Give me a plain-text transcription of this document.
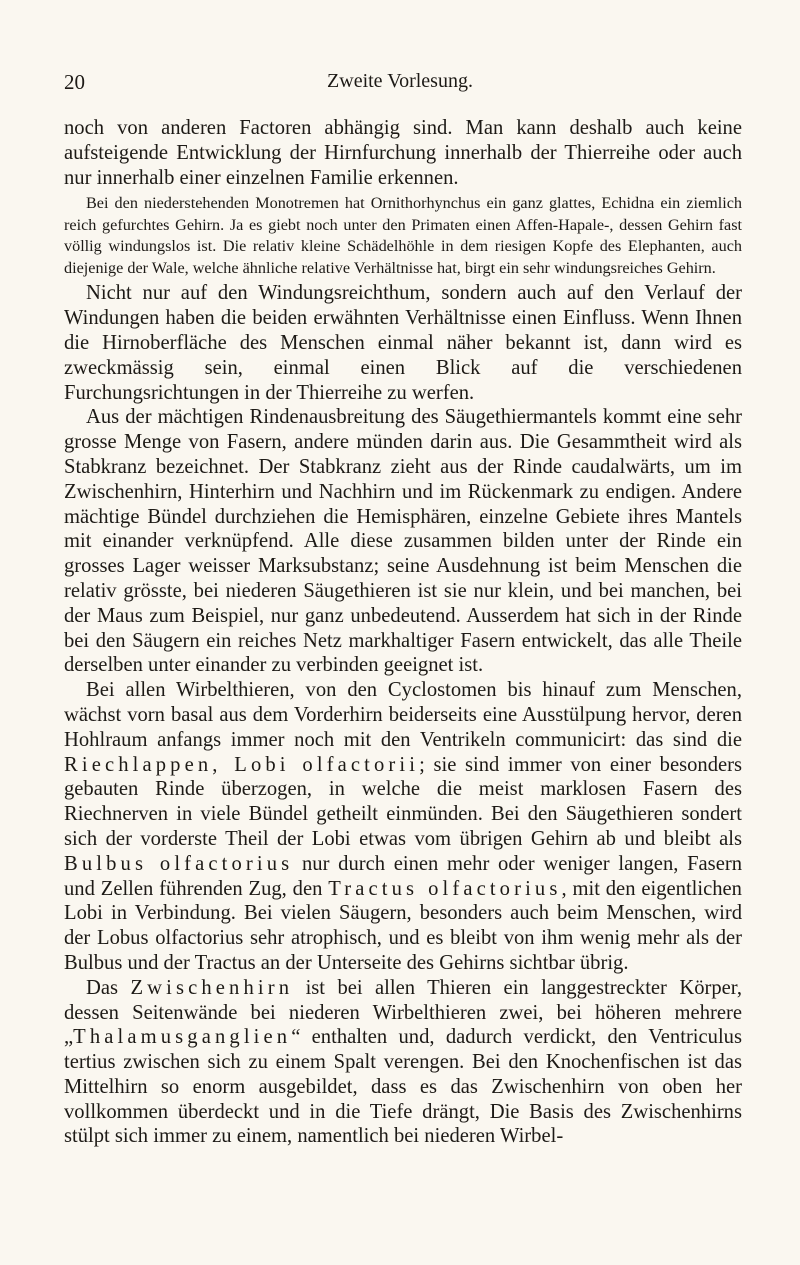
20	Zweite Vorlesung.

noch von anderen Factoren abhängig sind. Man kann deshalb auch keine aufsteigende Entwicklung der Hirnfurchung innerhalb der Thierreihe oder auch nur innerhalb einer einzelnen Familie erkennen.

Bei den niederstehenden Monotremen hat Ornithorhynchus ein ganz glattes, Echidna ein ziemlich reich gefurchtes Gehirn. Ja es giebt noch unter den Primaten einen Affen-Hapale-, dessen Gehirn fast völlig windungslos ist. Die relativ kleine Schädelhöhle in dem riesigen Kopfe des Elephanten, auch diejenige der Wale, welche ähnliche relative Verhältnisse hat, birgt ein sehr windungsreiches Gehirn.

Nicht nur auf den Windungsreichthum, sondern auch auf den Verlauf der Windungen haben die beiden erwähnten Verhältnisse einen Einfluss. Wenn Ihnen die Hirnoberfläche des Menschen einmal näher bekannt ist, dann wird es zweckmässig sein, einmal einen Blick auf die verschiedenen Furchungsrichtungen in der Thierreihe zu werfen.

Aus der mächtigen Rindenausbreitung des Säugethiermantels kommt eine sehr grosse Menge von Fasern, andere münden darin aus. Die Gesammtheit wird als Stabkranz bezeichnet. Der Stabkranz zieht aus der Rinde caudalwärts, um im Zwischenhirn, Hinterhirn und Nachhirn und im Rückenmark zu endigen. Andere mächtige Bündel durchziehen die Hemisphären, einzelne Gebiete ihres Mantels mit einander verknüpfend. Alle diese zusammen bilden unter der Rinde ein grosses Lager weisser Marksubstanz; seine Ausdehnung ist beim Menschen die relativ grösste, bei niederen Säugethieren ist sie nur klein, und bei manchen, bei der Maus zum Beispiel, nur ganz unbedeutend. Ausserdem hat sich in der Rinde bei den Säugern ein reiches Netz markhaltiger Fasern entwickelt, das alle Theile derselben unter einander zu verbinden geeignet ist.

Bei allen Wirbelthieren, von den Cyclostomen bis hinauf zum Menschen, wächst vorn basal aus dem Vorderhirn beiderseits eine Ausstülpung hervor, deren Hohlraum anfangs immer noch mit den Ventrikeln communicirt: das sind die Riechlappen, Lobi olfactorii; sie sind immer von einer besonders gebauten Rinde überzogen, in welche die meist marklosen Fasern des Riechnerven in viele Bündel getheilt einmünden. Bei den Säugethieren sondert sich der vorderste Theil der Lobi etwas vom übrigen Gehirn ab und bleibt als Bulbus olfactorius nur durch einen mehr oder weniger langen, Fasern und Zellen führenden Zug, den Tractus olfactorius, mit den eigentlichen Lobi in Verbindung. Bei vielen Säugern, besonders auch beim Menschen, wird der Lobus olfactorius sehr atrophisch, und es bleibt von ihm wenig mehr als der Bulbus und der Tractus an der Unterseite des Gehirns sichtbar übrig.

Das Zwischenhirn ist bei allen Thieren ein langgestreckter Körper, dessen Seitenwände bei niederen Wirbelthieren zwei, bei höheren mehrere „Thalamusganglien“ enthalten und, dadurch verdickt, den Ventriculus tertius zwischen sich zu einem Spalt verengen. Bei den Knochenfischen ist das Mittelhirn so enorm ausgebildet, dass es das Zwischenhirn von oben her vollkommen überdeckt und in die Tiefe drängt, Die Basis des Zwischenhirns stülpt sich immer zu einem, namentlich bei niederen Wirbel-
